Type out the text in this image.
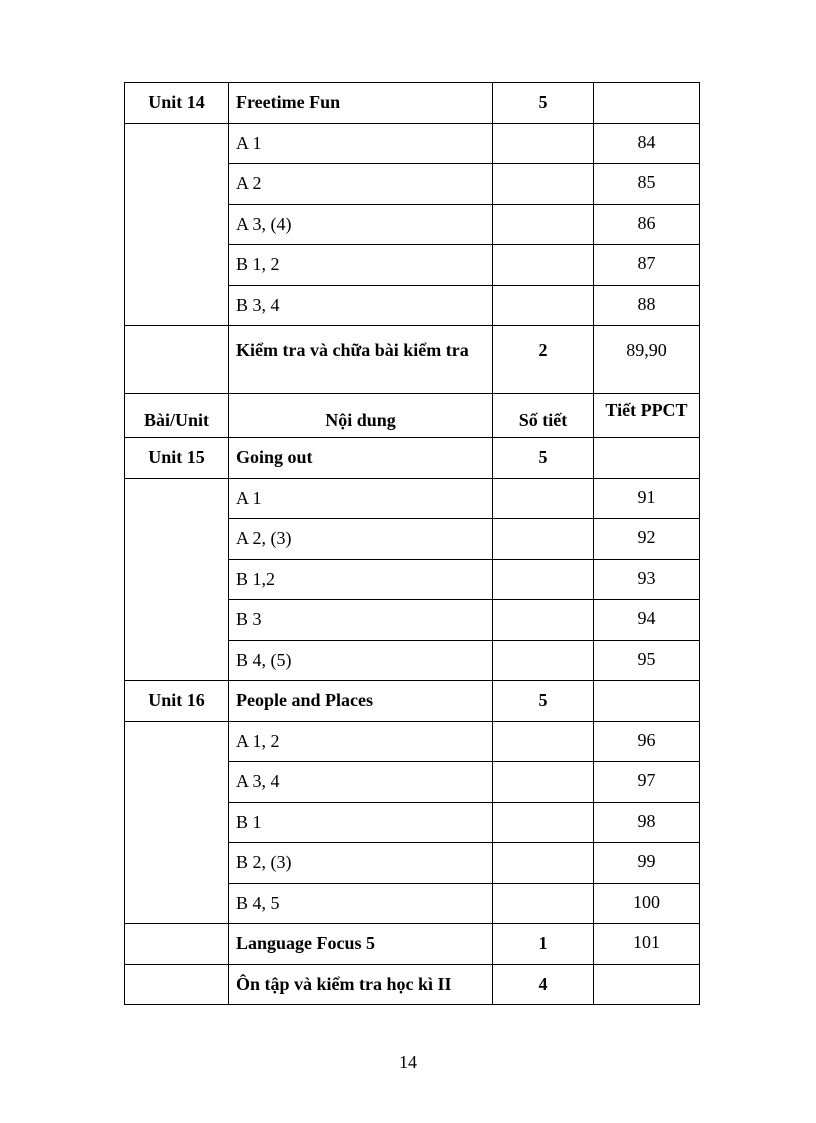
Unit 14	Freetime Fun	5	
	A 1		84
	A 2		85
	A 3, (4)		86
	B 1, 2		87
	B 3, 4		88
	Kiểm tra và chữa bài kiểm tra	2	89,90
Bài/Unit	Nội dung	Số tiết	Tiết PPCT
Unit 15	Going out	5	
	A 1		91
	A 2, (3)		92
	B 1,2		93
	B 3		94
	B 4, (5)		95
Unit 16	People and Places	5	
	A 1, 2		96
	A 3, 4		97
	B 1		98
	B 2, (3)		99
	B 4, 5		100
	Language Focus 5	1	101
	Ôn tập và kiểm tra học kì II	4	
14
